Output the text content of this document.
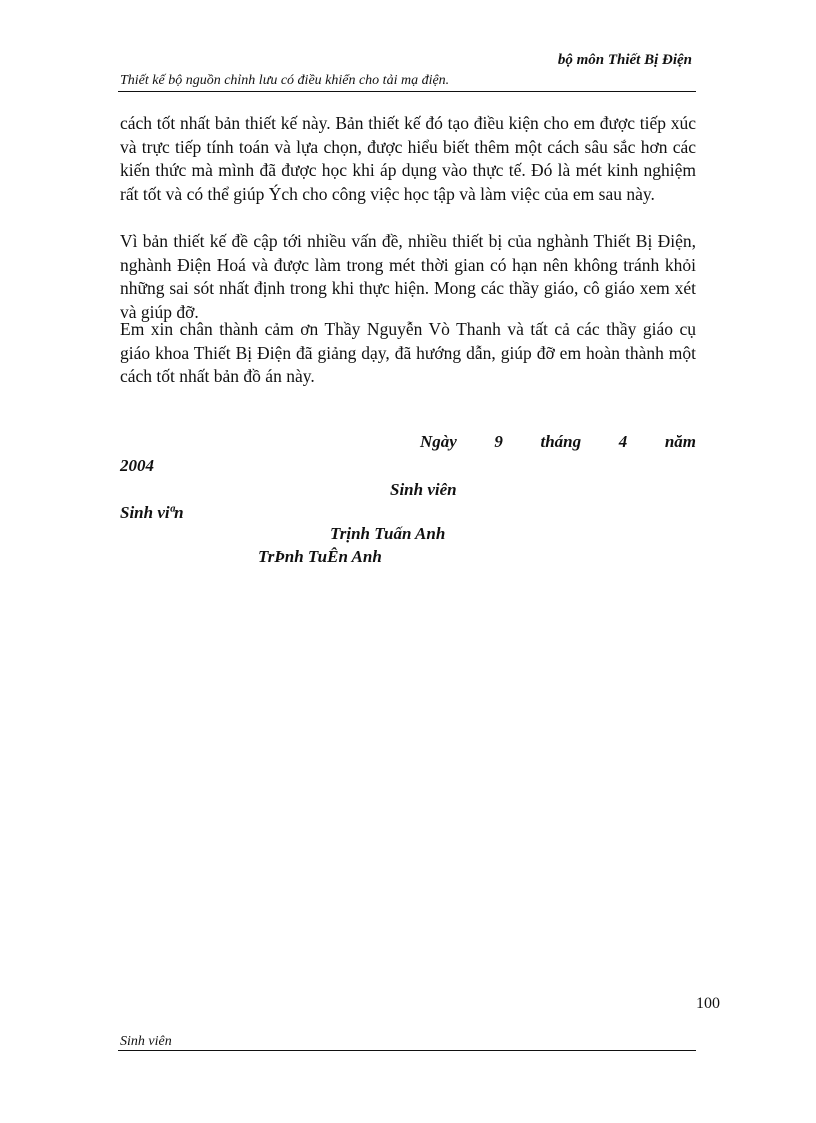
bộ môn Thiết Bị Điện
Thiết kế bộ nguồn chỉnh lưu có điều khiển cho tải mạ điện.
cách tốt nhất bản thiết kế này. Bản thiết kế đó tạo điều kiện cho em được tiếp xúc và trực tiếp tính toán và lựa chọn, được hiểu biết thêm một cách sâu sắc hơn các kiến thức mà mình đã được học khi áp dụng vào thực tế. Đó là mét kinh nghiệm rất tốt và có thể giúp Ých cho công việc học tập và làm việc của em sau này.
Vì bản thiết kế đề cập tới nhiều vấn đề, nhiều thiết bị của nghành Thiết Bị Điện, nghành Điện Hoá và được làm trong mét thời gian có hạn nên không tránh khỏi những sai sót nhất định trong khi thực hiện. Mong các thầy giáo, cô giáo xem xét và giúp đỡ.
Em xin chân thành cảm ơn Thầy Nguyễn Vò Thanh và tất cả các thầy giáo cụ giáo khoa Thiết Bị Điện đã giảng dạy, đã hướng dẫn, giúp đỡ em hoàn thành một cách tốt nhất bản đồ án này.
Ngày 9 tháng 4 năm
2004
Sinh viên
Sinh viªn
Trịnh Tuấn Anh
TrÞnh TuÊn Anh
100
Sinh viên
